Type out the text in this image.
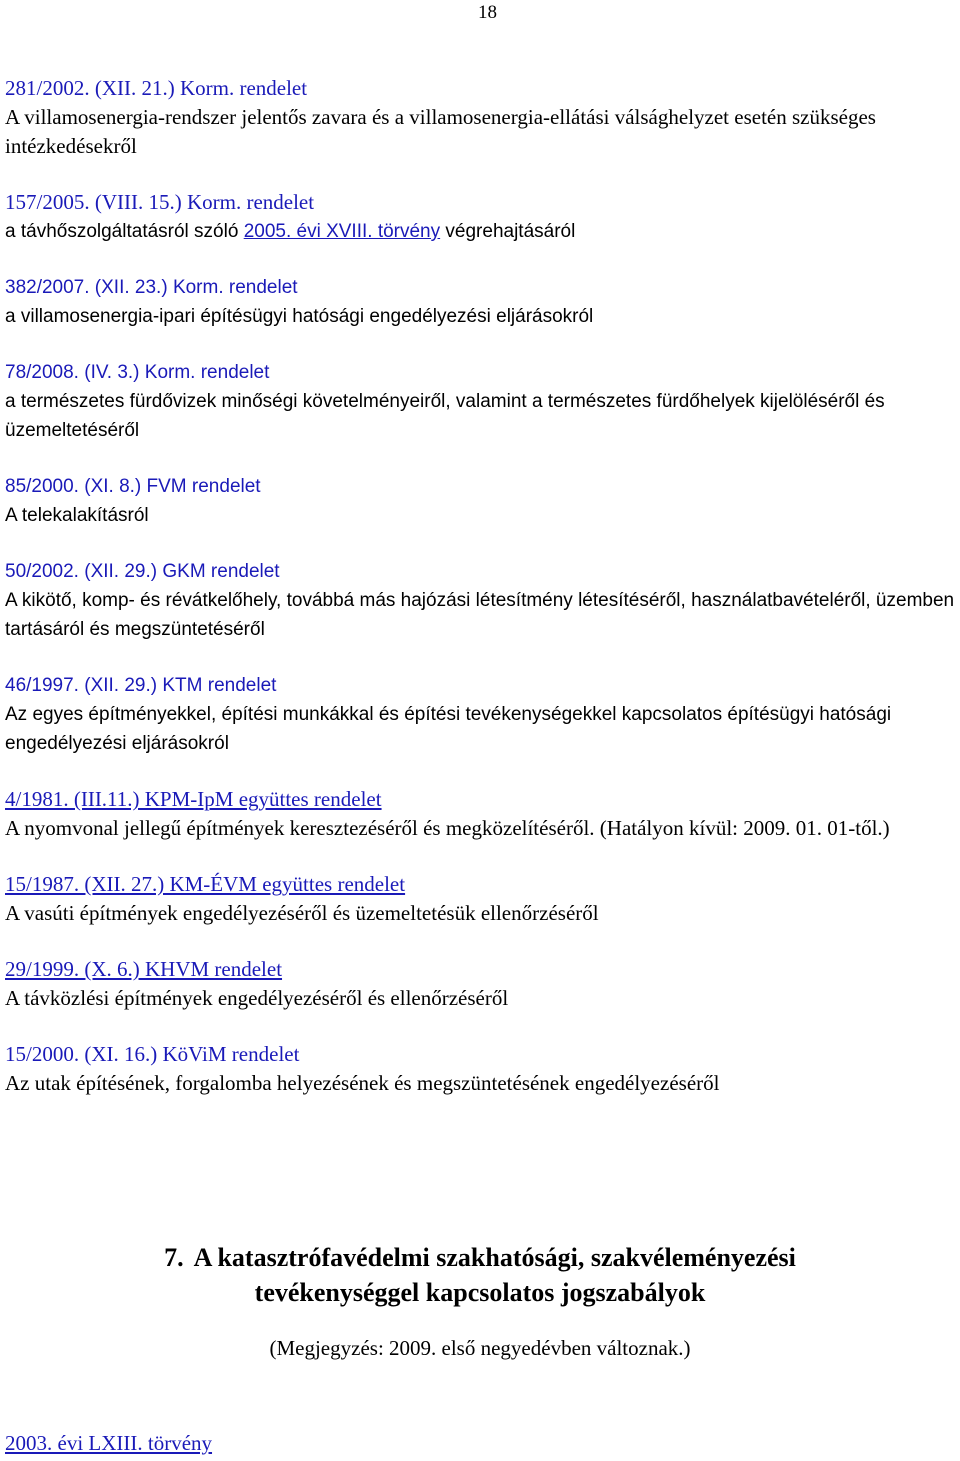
18
281/2002. (XII. 21.) Korm. rendelet
A villamosenergia-rendszer jelentős zavara és a villamosenergia-ellátási válsághelyzet esetén szükséges intézkedésekről
157/2005. (VIII. 15.) Korm. rendelet
a távhőszolgáltatásról szóló 2005. évi XVIII. törvény végrehajtásáról
382/2007. (XII. 23.) Korm. rendelet
a villamosenergia-ipari építésügyi hatósági engedélyezési eljárásokról
78/2008. (IV. 3.) Korm. rendelet
a természetes fürdővizek minőségi követelményeiről, valamint a természetes fürdőhelyek kijelöléséről és üzemeltetéséről
85/2000. (XI. 8.) FVM rendelet
A telekalakításról
50/2002. (XII. 29.) GKM rendelet
A kikötő, komp- és révátkelőhely, továbbá más hajózási létesítmény létesítéséről, használatbavételéről, üzemben tartásáról és megszüntetéséről
46/1997. (XII. 29.) KTM rendelet
Az egyes építményekkel, építési munkákkal és építési tevékenységekkel kapcsolatos építésügyi hatósági engedélyezési eljárásokról
4/1981. (III.11.) KPM-IpM együttes rendelet
A nyomvonal jellegű építmények keresztezéséről és megközelítéséről. (Hatályon kívül: 2009. 01. 01-től.)
15/1987. (XII. 27.) KM-ÉVM együttes rendelet
A vasúti építmények engedélyezéséről és üzemeltetésük ellenőrzéséről
29/1999. (X. 6.) KHVM rendelet
A távközlési építmények engedélyezéséről és ellenőrzéséről
15/2000. (XI. 16.) KöViM rendelet
Az utak építésének, forgalomba helyezésének és megszüntetésének engedélyezéséről
7. A katasztrófavédelmi szakhatósági, szakvéleményezési
tevékenységgel kapcsolatos jogszabályok
(Megjegyzés: 2009. első negyedévben változnak.)
2003. évi LXIII. törvény
